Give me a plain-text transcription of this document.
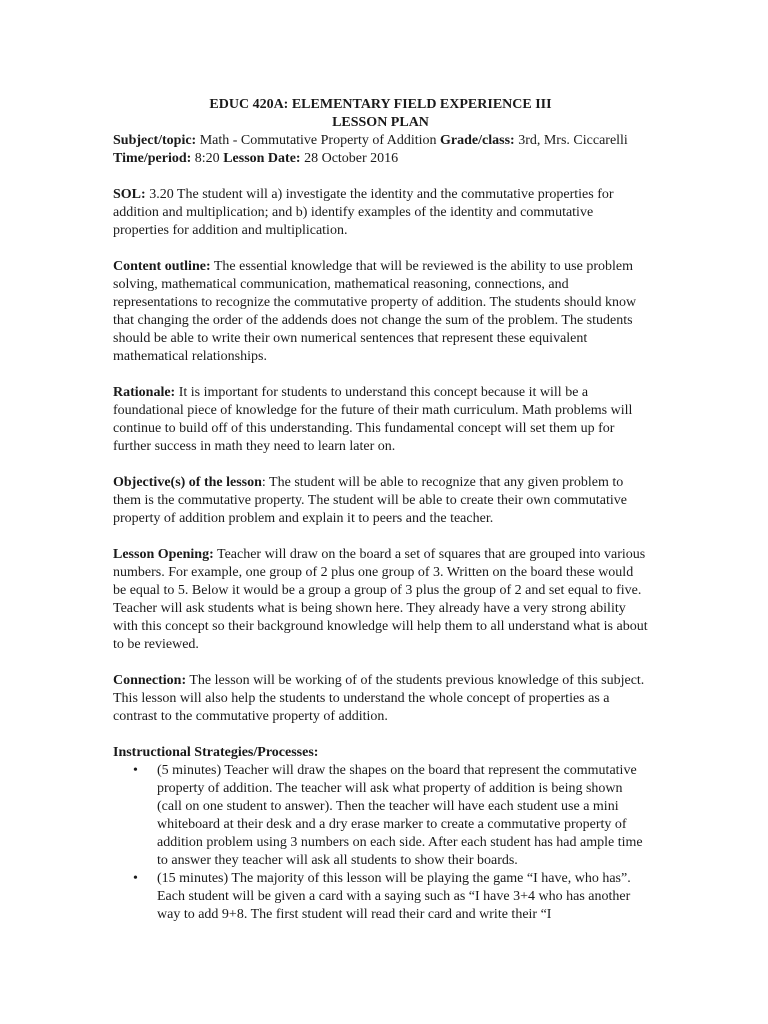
EDUC 420A: ELEMENTARY FIELD EXPERIENCE III

LESSON PLAN

Subject/topic: Math - Commutative Property of Addition Grade/class: 3rd, Mrs. Ciccarelli Time/period: 8:20 Lesson Date: 28 October 2016

SOL: 3.20 The student will a) investigate the identity and the commutative properties for addition and multiplication; and b) identify examples of the identity and commutative properties for addition and multiplication.

Content outline: The essential knowledge that will be reviewed is the ability to use problem solving, mathematical communication, mathematical reasoning, connections, and representations to recognize the commutative property of addition. The students should know that changing the order of the addends does not change the sum of the problem. The students should be able to write their own numerical sentences that represent these equivalent mathematical relationships.

Rationale: It is important for students to understand this concept because it will be a foundational piece of knowledge for the future of their math curriculum. Math problems will continue to build off of this understanding. This fundamental concept will set them up for further success in math they need to learn later on.

Objective(s) of the lesson: The student will be able to recognize that any given problem to them is the commutative property. The student will be able to create their own commutative property of addition problem and explain it to peers and the teacher.

Lesson Opening: Teacher will draw on the board a set of squares that are grouped into various numbers. For example, one group of 2 plus one group of 3. Written on the board these would be equal to 5. Below it would be a group a group of 3 plus the group of 2 and set equal to five. Teacher will ask students what is being shown here. They already have a very strong ability with this concept so their background knowledge will help them to all understand what is about to be reviewed.

Connection: The lesson will be working of of the students previous knowledge of this subject. This lesson will also help the students to understand the whole concept of properties as a contrast to the commutative property of addition.

Instructional Strategies/Processes:

• (5 minutes) Teacher will draw the shapes on the board that represent the commutative property of addition. The teacher will ask what property of addition is being shown (call on one student to answer). Then the teacher will have each student use a mini whiteboard at their desk and a dry erase marker to create a commutative property of addition problem using 3 numbers on each side. After each student has had ample time to answer they teacher will ask all students to show their boards.
• (15 minutes) The majority of this lesson will be playing the game “I have, who has”. Each student will be given a card with a saying such as “I have 3+4 who has another way to add 9+8. The first student will read their card and write their “I
